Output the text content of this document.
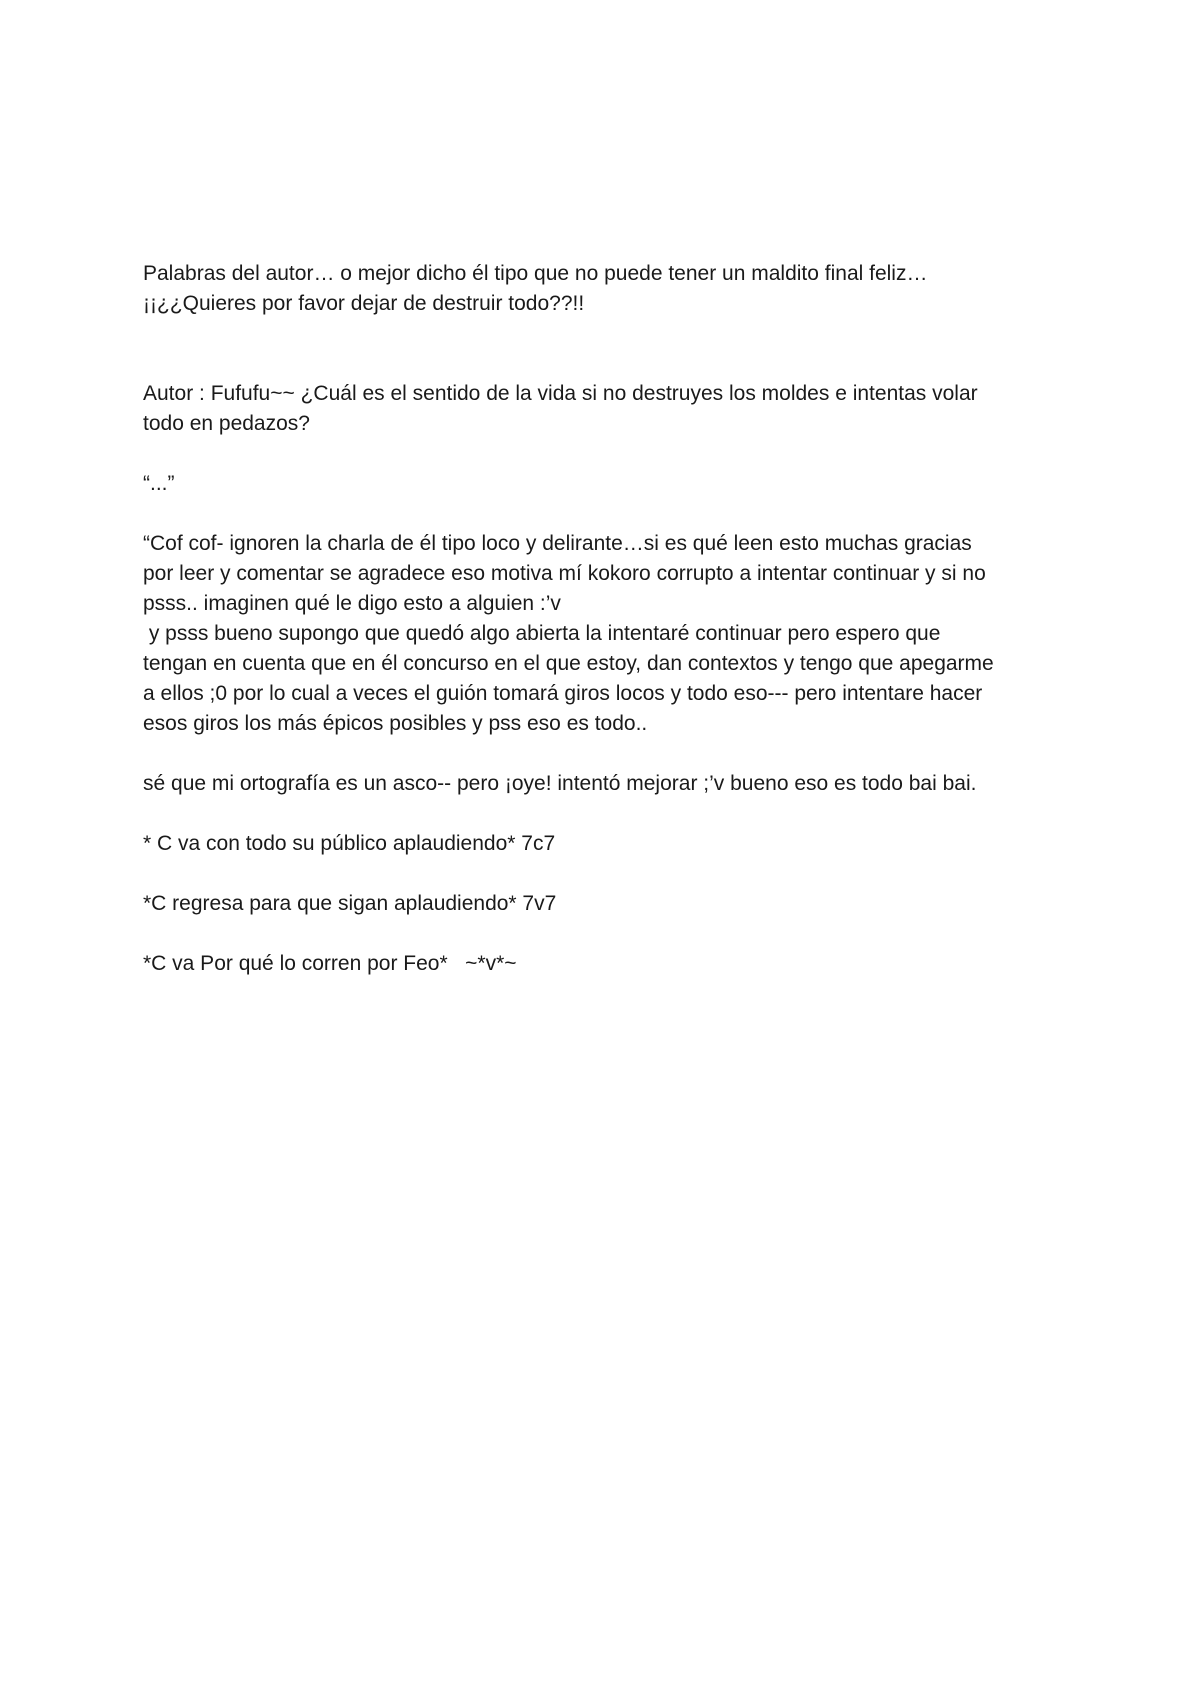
Palabras del autor… o mejor dicho él tipo que no puede tener un maldito final feliz…
¡¡¿¿Quieres por favor dejar de destruir todo??!!
Autor : Fufufu~~ ¿Cuál es el sentido de la vida si no destruyes los moldes e intentas volar
todo en pedazos?
“...”
“Cof cof- ignoren la charla de él tipo loco y delirante…si es qué leen esto muchas gracias
por leer y comentar se agradece eso motiva mí kokoro corrupto a intentar continuar y si no
psss.. imaginen qué le digo esto a alguien :’v
y psss bueno supongo que quedó algo abierta la intentaré continuar pero espero que
tengan en cuenta que en él concurso en el que estoy, dan contextos y tengo que apegarme
a ellos ;0 por lo cual a veces el guión tomará giros locos y todo eso--- pero intentare hacer
esos giros los más épicos posibles y pss eso es todo..
sé que mi ortografía es un asco-- pero ¡oye! intentó mejorar ;’v bueno eso es todo bai bai.
* C va con todo su público aplaudiendo* 7c7
*C regresa para que sigan aplaudiendo* 7v7
*C va Por qué lo corren por Feo*   ~*v*~
